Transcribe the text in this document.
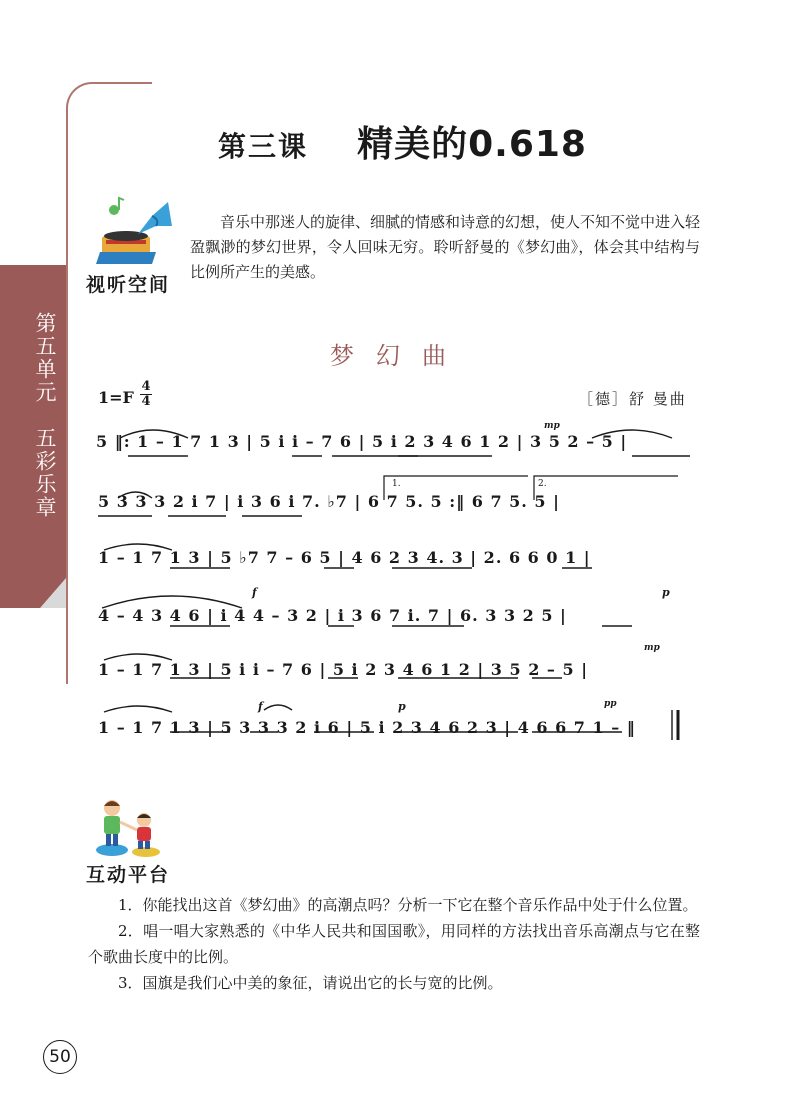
第五单元　五彩乐章
第三课 精美的0.618
视听空间
音乐中那迷人的旋律、细腻的情感和诗意的幻想，使人不知不觉中进入轻盈飘渺的梦幻世界，令人回味无穷。聆听舒曼的《梦幻曲》，体会其中结构与比例所产生的美感。
梦幻曲
1=F
4
4	［德］舒 曼曲
mp
f	p
mp
f	p	pp
1.	2.
5 ‖: 1 – 1 7 1 3 | 5 i i – 7 6 | 5 i 2 3 4 6 1 2 | 3 5 2 – 5 |
5 3 3 3 2 i 7 | i 3 6 i 7. ♭7 | 6 7 5. 5 :‖ 6 7 5. 5 |
1 – 1 7 1 3 | 5 ♭7 7 – 6 5 | 4 6 2 3 4. 3 | 2. 6 6 0 1 |
4 – 4 3 4 6 | i 4 4 – 3 2 | i 3 6 7 i. 7 | 6. 3 3 2 5 |
1 – 1 7 1 3 | 5 i i – 7 6 | 5 i 2 3 4 6 1 2 | 3 5 2 – 5 |
1 – 1 7 1 3 | 5 3 3 3 2 i 6 | 5 i 2 3 4 6 2 3 | 4 6 6 7 1 – ‖
互动平台

1．你能找出这首《梦幻曲》的高潮点吗？分析一下它在整个音乐作品中处于什么位置。

2．唱一唱大家熟悉的《中华人民共和国国歌》，用同样的方法找出音乐高潮点与它在整个歌曲长度中的比例。

3．国旗是我们心中美的象征，请说出它的长与宽的比例。

50
